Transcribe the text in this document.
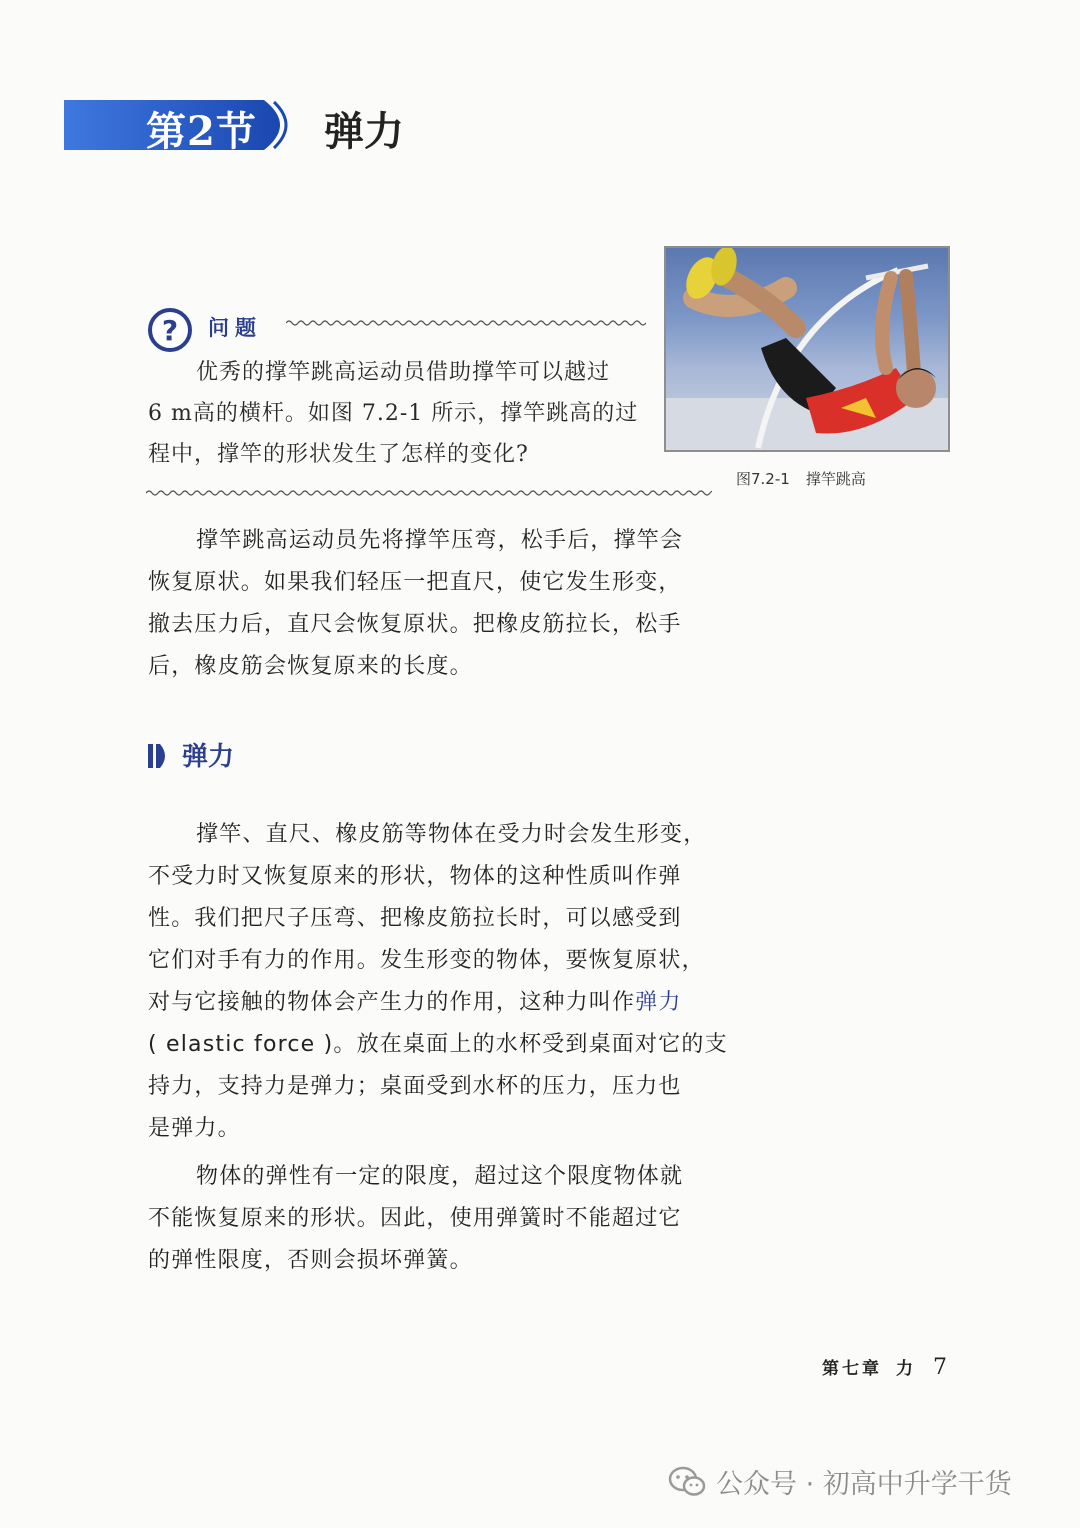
第2节 弹力
? 问题
优秀的撑竿跳高运动员借助撑竿可以越过
6 m高的横杆。如图 7.2-1 所示，撑竿跳高的过
程中，撑竿的形状发生了怎样的变化?
图7.2-1 撑竿跳高
撑竿跳高运动员先将撑竿压弯，松手后，撑竿会
恢复原状。如果我们轻压一把直尺，使它发生形变，
撤去压力后，直尺会恢复原状。把橡皮筋拉长，松手
后，橡皮筋会恢复原来的长度。
弹力
撑竿、直尺、橡皮筋等物体在受力时会发生形变，
不受力时又恢复原来的形状，物体的这种性质叫作弹
性。我们把尺子压弯、把橡皮筋拉长时，可以感受到
它们对手有力的作用。发生形变的物体，要恢复原状，
对与它接触的物体会产生力的作用，这种力叫作弹力
( elastic force )。放在桌面上的水杯受到桌面对它的支
持力，支持力是弹力；桌面受到水杯的压力，压力也
是弹力。
物体的弹性有一定的限度，超过这个限度物体就
不能恢复原来的形状。因此，使用弹簧时不能超过它
的弹性限度，否则会损坏弹簧。
第七章 力 7
公众号 · 初高中升学干货
